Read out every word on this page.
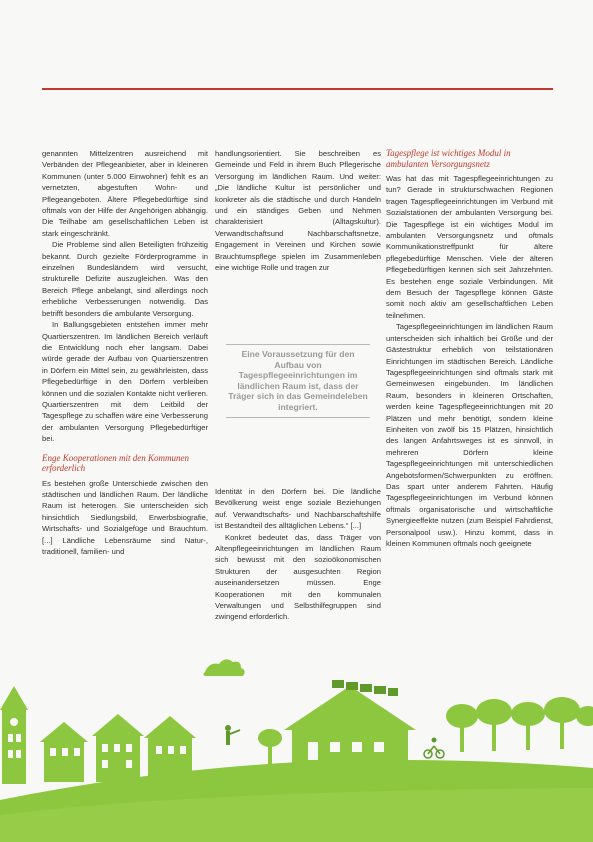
genannten Mittelzentren ausreichend mit Verbänden der Pflegeanbieter, aber in kleineren Kommunen (unter 5.000 Einwohner) fehlt es an vernetzten, abgestuften Wohn- und Pflegeangeboten. Ältere Pflegebedürftige sind oftmals von der Hilfe der Angehörigen abhängig. Die Teilhabe am gesellschaftlichen Leben ist stark eingeschränkt.

Die Probleme sind allen Beteiligten frühzeitig bekannt. Durch gezielte Förderprogramme in einzelnen Bundesländern wird versucht, strukturelle Defizite auszugleichen. Was den Bereich Pflege anbelangt, sind allerdings noch erhebliche Verbesserungen notwendig. Das betrifft besonders die ambulante Versorgung.

In Ballungsgebieten entstehen immer mehr Quartierszentren. Im ländlichen Bereich verläuft die Entwicklung noch eher langsam. Dabei würde gerade der Aufbau von Quartierszentren in Dörfern ein Mittel sein, zu gewährleisten, dass Pflegebedürftige in den Dörfern verbleiben können und die sozialen Kontakte nicht verlieren. Quartierszentren mit dem Leitbild der Tagespflege zu schaffen wäre eine Verbesserung der ambulanten Versorgung Pflegebedürftiger bei.

Enge Kooperationen mit den Kommunen erforderlich

Es bestehen große Unterschiede zwischen den städtischen und ländlichen Raum. Der ländliche Raum ist heterogen. Sie unterscheiden sich hinsichtlich Siedlungsbild, Erwerbsbiografie, Wirtschafts- und Sozialgefüge und Brauchtum. [...] Ländliche Lebensräume sind Natur-, traditionell, familien- und

handlungsorientiert. Sie beschreiben es Gemeinde und Feld in ihrem Buch Pflegerische Versorgung im ländlichen Raum. Und weiter: „Die ländliche Kultur ist persönlicher und konkreter als die städtische und durch Handeln und ein ständiges Geben und Nehmen charakterisiert (Alltagskultur). Verwandtschaftsund Nachbarschaftsnetze, Engagement in Vereinen und Kirchen sowie Brauchtumspflege spielen im Zusammenleben eine wichtige Rolle und tragen zur

Eine Voraussetzung für den Aufbau von Tagespflegeeinrichtungen im ländlichen Raum ist, dass der Träger sich in das Gemeindeleben integriert.

Identität in den Dörfern bei. Die ländliche Bevölkerung weist enge soziale Beziehungen auf. Verwandtschafts- und Nachbarschaftshilfe ist Bestandteil des alltäglichen Lebens.“ [...]

Konkret bedeutet das, dass Träger von Altenpflegeeinrichtungen im ländlichen Raum sich bewusst mit den sozioökonomischen Strukturen der ausgesuchten Region auseinandersetzen müssen. Enge Kooperationen mit den kommunalen Verwaltungen und Selbsthilfegruppen sind zwingend erforderlich.

Tagespflege ist wichtiges Modul in ambulanten Versorgungsnetz

Was hat das mit Tagespflegeeinrichtungen zu tun? Gerade in strukturschwachen Regionen tragen Tagespflegeeinrichtungen im Verbund mit Sozialstationen der ambulanten Versorgung bei. Die Tagespflege ist ein wichtiges Modul im ambulanten Versorgungsnetz und oftmals Kommunikationstreffpunkt für ältere pflegebedürftige Menschen. Viele der älteren Pflegebedürftigen kennen sich seit Jahrzehnten. Es bestehen enge soziale Verbindungen. Mit dem Besuch der Tagespflege können Gäste somit noch aktiv am gesellschaftlichen Leben teilnehmen.

Tagespflegeeinrichtungen im ländlichen Raum unterscheiden sich inhaltlich bei Größe und der Gästestruktur erheblich von teilstationären Einrichtungen im städtischen Bereich. Ländliche Tagespflegeeinrichtungen sind oftmals stark mit Gemeinwesen eingebunden. Im ländlichen Raum, besonders in kleineren Ortschaften, werden keine Tagespflegeeinrichtungen mit 20 Plätzen und mehr benötigt, sondern kleine Einheiten von zwölf bis 15 Plätzen, hinsichtlich des langen Anfahrtsweges ist es sinnvoll, in mehreren Dörfern kleine Tagespflegeeinrichtungen mit unterschiedlichen Angebotsformen/Schwerpunkten zu eröffnen. Das spart unter anderem Fahrten. Häufig Tagespflegeeinrichtungen im Verbund können oftmals organisatorische und wirtschaftliche Synergieeffekte nutzen (zum Beispiel Fahrdienst, Personalpool usw.). Hinzu kommt, dass in kleinen Kommunen oftmals noch geeignete
